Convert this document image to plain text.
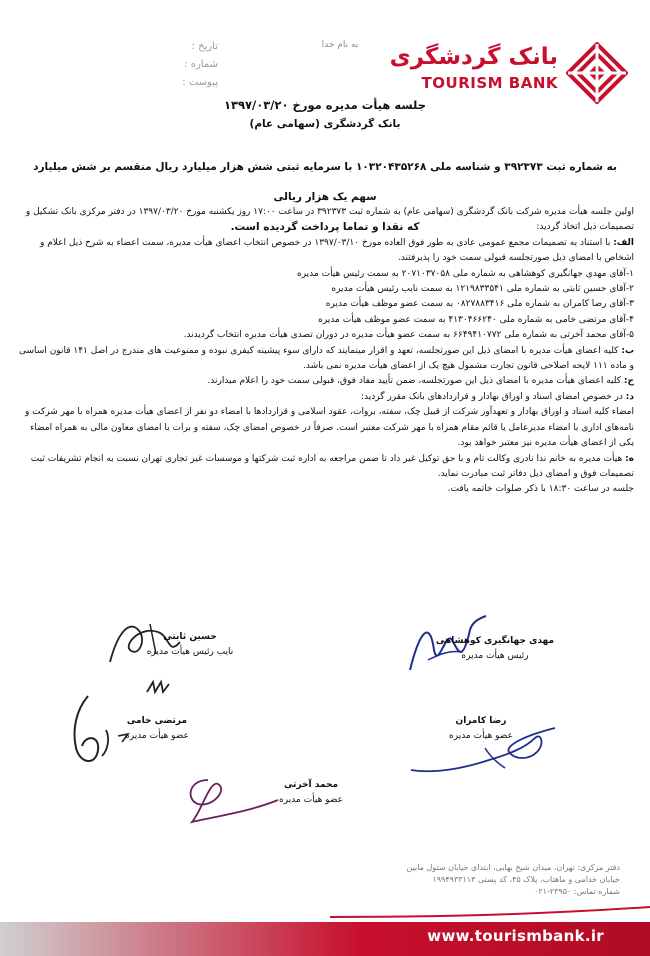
تاریخ :
شماره :
پیوست :
به نام خدا	بانک گردشگری
TOURISM BANK
جلسه هیأت مدیره مورخ ۱۳۹۷/۰۳/۲۰
بانک گردشگری (سهامی عام)
به شماره ثبت ۳۹۲۳۷۳ و شناسه ملی ۱۰۳۲۰۴۳۵۲۶۸ با سرمایه ثبتی شش هزار میلیارد ریال منقسم بر شش میلیارد سهم یک هزار ریالی
که نقدا و تماما پرداخت گردیده است.

اولین جلسه هیأت مدیره شرکت بانک گردشگری (سهامی عام) به شماره ثبت ۳۹۲۳۷۳ در ساعت ۱۷:۰۰ روز یکشنبه مورخ ۱۳۹۷/۰۳/۲۰ در دفتر مرکزی بانک تشکیل و تصمیمات ذیل اتخاذ گردید:

الف: با استناد به تصمیمات مجمع عمومی عادی به طور فوق العاده مورخ ۱۳۹۷/۰۳/۱۰ در خصوص انتخاب اعضای هیأت مدیره، سمت اعضاء به شرح ذیل اعلام و اشخاص با امضای ذیل صورتجلسه قبولی سمت خود را پذیرفتند.

۱-آقای مهدی جهانگیری کوهشاهی به شماره ملی ۲۰۷۱۰۳۷۰۵۸ به سمت رئیس هیأت مدیره

۲-آقای حسین ثابتی به شماره ملی ۱۲۱۹۸۳۳۵۴۱ به سمت نایب رئیس هیأت مدیره

۳-آقای رضا کامران به شماره ملی ۰۸۲۷۸۸۳۴۱۶ به سمت عضو موظف هیأت مدیره

۴-آقای مرتضی خامی به شماره ملی ۴۱۳۰۴۶۶۲۴۰ به سمت عضو موظف هیأت مدیره

۵-آقای محمد آخرتی به شماره ملی ۶۶۴۹۴۱۰۷۷۲ به سمت عضو هیأت مدیره در دوران تصدی هیأت مدیره انتخاب گردیدند.

ب: کلیه اعضای هیأت مدیره با امضای ذیل این صورتجلسه، تعهد و اقرار مینمایند که دارای سوء پیشینه کیفری نبوده و ممنوعیت های مندرج در اصل ۱۴۱ قانون اساسی و ماده ۱۱۱ لایحه اصلاحی قانون تجارت مشمول هیچ یک از اعضای هیأت مدیره نمی باشد.

ج: کلیه اعضای هیأت مدیره با امضای ذیل این صورتجلسه، ضمن تأیید مفاد فوق، قبولی سمت خود را اعلام میدارند.

د: در خصوص امضای اسناد و اوراق بهادار و قراردادهای بانک مقرر گردید:

امضاء کلیه اسناد و اوراق بهادار و تعهدآور شرکت از قبیل چک، سفته، بروات، عقود اسلامی و قراردادها با امضاء دو نفر از اعضای هیأت مدیره همراه با مهر شرکت و نامه‌های اداری با امضاء مدیرعامل یا قائم مقام همراه با مهر شرکت معتبر است. صرفاً در خصوص امضای چک، سفته و برات با امضای معاون مالی به همراه امضاء یکی از اعضای هیأت مدیره نیز معتبر خواهد بود.

ه: هیأت مدیره به خانم ندا نادری وکالت تام و با حق توکیل غیر داد تا ضمن مراجعه به اداره ثبت شرکتها و موسسات غیر تجاری تهران نسبت به انجام تشریفات ثبت تصمیمات فوق و امضای ذیل دفاتر ثبت مبادرت نماید.

جلسه در ساعت ۱۸:۳۰ با ذکر صلوات خاتمه یافت.

مهدی جهانگیری کوهشاهی
رئیس هیأت مدیره
حسین ثابتی
نایب رئیس هیأت مدیره
رضا کامران
عضو هیأت مدیره
مرتضی خامی
عضو هیأت مدیره
محمد آخرتی
عضو هیأت مدیره
دفتر مرکزی: تهران، میدان شیخ بهایی، ابتدای خیابان ستول مابین
خیابان خدامی و ماهتاب، پلاک ۴۵، کد پستی ۱۹۹۴۹۳۳۱۱۳
شماره تماس: ۲۳۹۵۰-۰۲۱
www.tourismbank.ir
